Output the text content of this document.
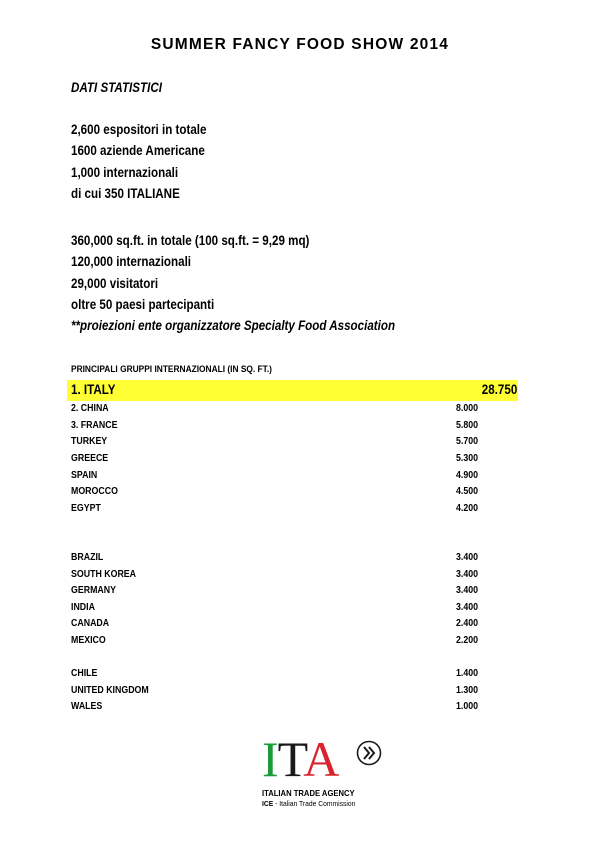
SUMMER FANCY FOOD SHOW 2014
DATI STATISTICI
2,600 espositori in totale
1600 aziende Americane
1,000 internazionali
di cui 350 ITALIANE
360,000 sq.ft. in totale (100 sq.ft. = 9,29 mq)
120,000 internazionali
29,000 visitatori
oltre 50 paesi partecipanti
**proiezioni ente organizzatore Specialty Food Association
PRINCIPALI GRUPPI INTERNAZIONALI (IN SQ. FT.)
1. ITALY	28.750
2. CHINA	8.000
3. FRANCE	5.800
TURKEY	5.700
GREECE	5.300
SPAIN	4.900
MOROCCO	4.500
EGYPT	4.200
BRAZIL	3.400
SOUTH KOREA	3.400
GERMANY	3.400
INDIA	3.400
CANADA	2.400
MEXICO	2.200
CHILE	1.400
UNITED KINGDOM	1.300
WALES	1.000
ITA
ITALIAN TRADE AGENCY
ICE - Italian Trade Commission
